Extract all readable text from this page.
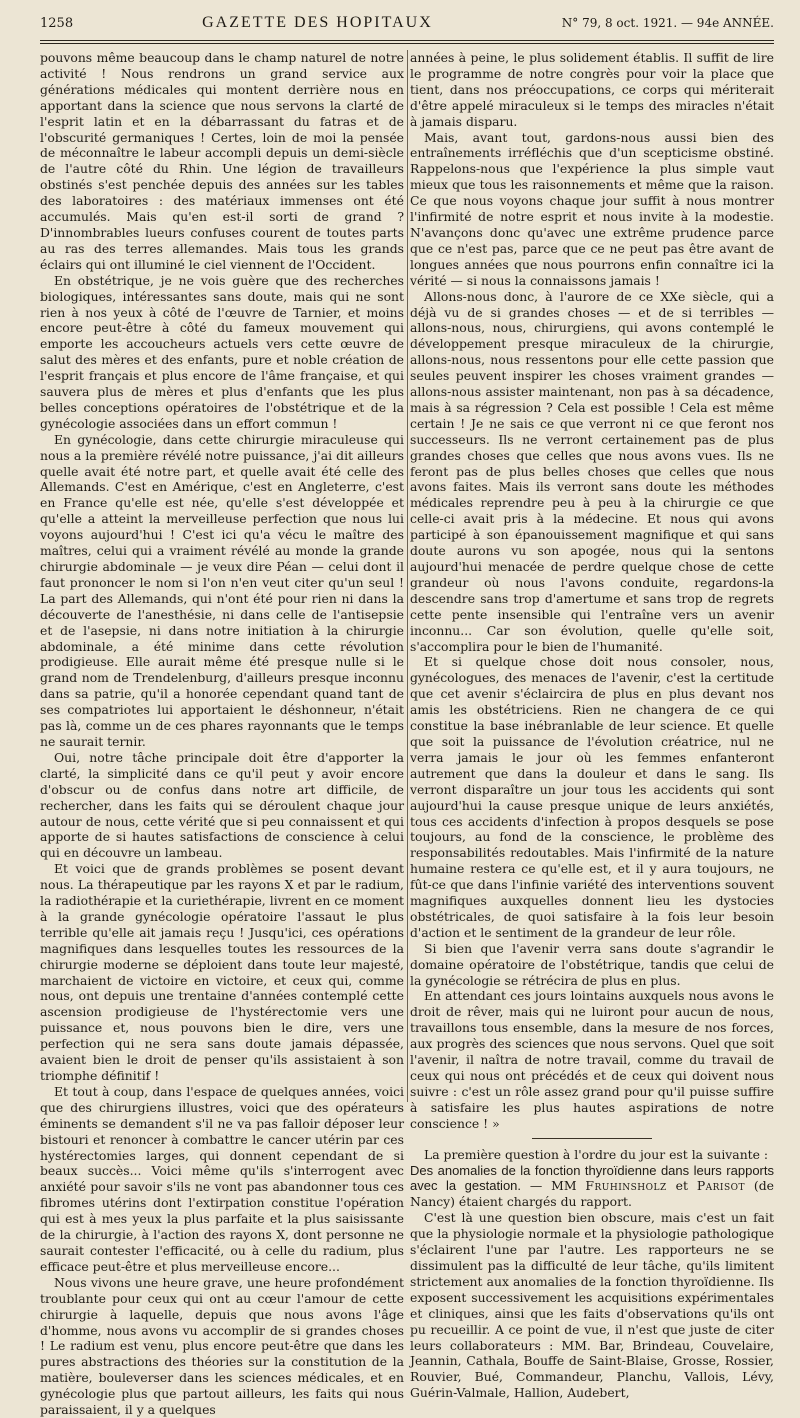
1258	GAZETTE DES HOPITAUX	N° 79, 8 oct. 1921. — 94e ANNÉE.

pouvons même beaucoup dans le champ naturel de notre activité ! Nous rendrons un grand service aux générations médicales qui montent derrière nous en apportant dans la science que nous servons la clarté de l'esprit latin et en la débarrassant du fatras et de l'obscurité germaniques ! Certes, loin de moi la pensée de méconnaître le labeur accompli depuis un demi-siècle de l'autre côté du Rhin. Une légion de travailleurs obstinés s'est penchée depuis des années sur les tables des laboratoires : des matériaux immenses ont été accumulés. Mais qu'en est-il sorti de grand ? D'innombrables lueurs confuses courent de toutes parts au ras des terres allemandes. Mais tous les grands éclairs qui ont illuminé le ciel viennent de l'Occident.

En obstétrique, je ne vois guère que des recherches biologiques, intéressantes sans doute, mais qui ne sont rien à nos yeux à côté de l'œuvre de Tarnier, et moins encore peut-être à côté du fameux mouvement qui emporte les accoucheurs actuels vers cette œuvre de salut des mères et des enfants, pure et noble création de l'esprit français et plus encore de l'âme française, et qui sauvera plus de mères et plus d'enfants que les plus belles conceptions opératoires de l'obstétrique et de la gynécologie associées dans un effort commun !

En gynécologie, dans cette chirurgie miraculeuse qui nous a la première révélé notre puissance, j'ai dit ailleurs quelle avait été notre part, et quelle avait été celle des Allemands. C'est en Amérique, c'est en Angleterre, c'est en France qu'elle est née, qu'elle s'est développée et qu'elle a atteint la merveilleuse perfection que nous lui voyons aujourd'hui ! C'est ici qu'a vécu le maître des maîtres, celui qui a vraiment révélé au monde la grande chirurgie abdominale — je veux dire Péan — celui dont il faut prononcer le nom si l'on n'en veut citer qu'un seul ! La part des Allemands, qui n'ont été pour rien ni dans la découverte de l'anesthésie, ni dans celle de l'antisepsie et de l'asepsie, ni dans notre initiation à la chirurgie abdominale, a été minime dans cette révolution prodigieuse. Elle aurait même été presque nulle si le grand nom de Trendelenburg, d'ailleurs presque inconnu dans sa patrie, qu'il a honorée cependant quand tant de ses compatriotes lui apportaient le déshonneur, n'était pas là, comme un de ces phares rayonnants que le temps ne saurait ternir.

Oui, notre tâche principale doit être d'apporter la clarté, la simplicité dans ce qu'il peut y avoir encore d'obscur ou de confus dans notre art difficile, de rechercher, dans les faits qui se déroulent chaque jour autour de nous, cette vérité que si peu connaissent et qui apporte de si hautes satisfactions de conscience à celui qui en découvre un lambeau.

Et voici que de grands problèmes se posent devant nous. La thérapeutique par les rayons X et par le radium, la radiothérapie et la curiethérapie, livrent en ce moment à la grande gynécologie opératoire l'assaut le plus terrible qu'elle ait jamais reçu ! Jusqu'ici, ces opérations magnifiques dans lesquelles toutes les ressources de la chirurgie moderne se déploient dans toute leur majesté, marchaient de victoire en victoire, et ceux qui, comme nous, ont depuis une trentaine d'années contemplé cette ascension prodigieuse de l'hystérectomie vers une puissance et, nous pouvons bien le dire, vers une perfection qui ne sera sans doute jamais dépassée, avaient bien le droit de penser qu'ils assistaient à son triomphe définitif !

Et tout à coup, dans l'espace de quelques années, voici que des chirurgiens illustres, voici que des opérateurs éminents se demandent s'il ne va pas falloir déposer leur bistouri et renoncer à combattre le cancer utérin par ces hystérectomies larges, qui donnent cependant de si beaux succès... Voici même qu'ils s'interrogent avec anxiété pour savoir s'ils ne vont pas abandonner tous ces fibromes utérins dont l'extirpation constitue l'opération qui est à mes yeux la plus parfaite et la plus saisissante de la chirurgie, à l'action des rayons X, dont personne ne saurait contester l'efficacité, ou à celle du radium, plus efficace peut-être et plus merveilleuse encore...

Nous vivons une heure grave, une heure profondément troublante pour ceux qui ont au cœur l'amour de cette chirurgie à laquelle, depuis que nous avons l'âge d'homme, nous avons vu accomplir de si grandes choses ! Le radium est venu, plus encore peut-être que dans les pures abstractions des théories sur la constitution de la matière, bouleverser dans les sciences médicales, et en gynécologie plus que partout ailleurs, les faits qui nous paraissaient, il y a quelques

années à peine, le plus solidement établis. Il suffit de lire le programme de notre congrès pour voir la place que tient, dans nos préoccupations, ce corps qui mériterait d'être appelé miraculeux si le temps des miracles n'était à jamais disparu.

Mais, avant tout, gardons-nous aussi bien des entraînements irréfléchis que d'un scepticisme obstiné. Rappelons-nous que l'expérience la plus simple vaut mieux que tous les raisonnements et même que la raison. Ce que nous voyons chaque jour suffit à nous montrer l'infirmité de notre esprit et nous invite à la modestie. N'avançons donc qu'avec une extrême prudence parce que ce n'est pas, parce que ce ne peut pas être avant de longues années que nous pourrons enfin connaître ici la vérité — si nous la connaissons jamais !

Allons-nous donc, à l'aurore de ce XXe siècle, qui a déjà vu de si grandes choses — et de si terribles — allons-nous, nous, chirurgiens, qui avons contemplé le développement presque miraculeux de la chirurgie, allons-nous, nous ressentons pour elle cette passion que seules peuvent inspirer les choses vraiment grandes — allons-nous assister maintenant, non pas à sa décadence, mais à sa régression ? Cela est possible ! Cela est même certain ! Je ne sais ce que verront ni ce que feront nos successeurs. Ils ne verront certainement pas de plus grandes choses que celles que nous avons vues. Ils ne feront pas de plus belles choses que celles que nous avons faites. Mais ils verront sans doute les méthodes médicales reprendre peu à peu à la chirurgie ce que celle-ci avait pris à la médecine. Et nous qui avons participé à son épanouissement magnifique et qui sans doute aurons vu son apogée, nous qui la sentons aujourd'hui menacée de perdre quelque chose de cette grandeur où nous l'avons conduite, regardons-la descendre sans trop d'amertume et sans trop de regrets cette pente insensible qui l'entraîne vers un avenir inconnu... Car son évolution, quelle qu'elle soit, s'accomplira pour le bien de l'humanité.

Et si quelque chose doit nous consoler, nous, gynécologues, des menaces de l'avenir, c'est la certitude que cet avenir s'éclaircira de plus en plus devant nos amis les obstétriciens. Rien ne changera de ce qui constitue la base inébranlable de leur science. Et quelle que soit la puissance de l'évolution créatrice, nul ne verra jamais le jour où les femmes enfanteront autrement que dans la douleur et dans le sang. Ils verront disparaître un jour tous les accidents qui sont aujourd'hui la cause presque unique de leurs anxiétés, tous ces accidents d'infection à propos desquels se pose toujours, au fond de la conscience, le problème des responsabilités redoutables. Mais l'infirmité de la nature humaine restera ce qu'elle est, et il y aura toujours, ne fût-ce que dans l'infinie variété des interventions souvent magnifiques auxquelles donnent lieu les dystocies obstétricales, de quoi satisfaire à la fois leur besoin d'action et le sentiment de la grandeur de leur rôle.

Si bien que l'avenir verra sans doute s'agrandir le domaine opératoire de l'obstétrique, tandis que celui de la gynécologie se rétrécira de plus en plus.

En attendant ces jours lointains auxquels nous avons le droit de rêver, mais qui ne luiront pour aucun de nous, travaillons tous ensemble, dans la mesure de nos forces, aux progrès des sciences que nous servons. Quel que soit l'avenir, il naîtra de notre travail, comme du travail de ceux qui nous ont précédés et de ceux qui doivent nous suivre : c'est un rôle assez grand pour qu'il puisse suffire à satisfaire les plus hautes aspirations de notre conscience ! »

La première question à l'ordre du jour est la suivante :

Des anomalies de la fonction thyroïdienne dans leurs rapports avec la gestation. — MM Fruhinsholz et Parisot (de Nancy) étaient chargés du rapport.

C'est là une question bien obscure, mais c'est un fait que la physiologie normale et la physiologie pathologique s'éclairent l'une par l'autre. Les rapporteurs ne se dissimulent pas la difficulté de leur tâche, qu'ils limitent strictement aux anomalies de la fonction thyroïdienne. Ils exposent successivement les acquisitions expérimentales et cliniques, ainsi que les faits d'observations qu'ils ont pu recueillir. A ce point de vue, il n'est que juste de citer leurs collaborateurs : MM. Bar, Brindeau, Couvelaire, Jeannin, Cathala, Bouffe de Saint-Blaise, Grosse, Rossier, Rouvier, Bué, Commandeur, Planchu, Vallois, Lévy, Guérin-Valmale, Hallion, Audebert,
